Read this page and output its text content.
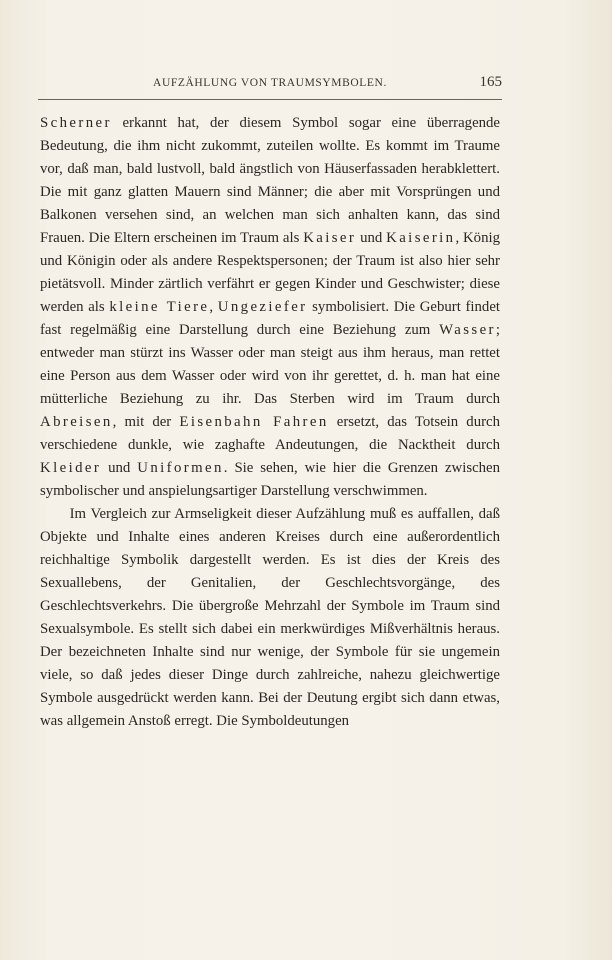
AUFZÄHLUNG VON TRAUMSYMBOLEN.	165

Scherner erkannt hat, der diesem Symbol sogar eine überragende Bedeutung, die ihm nicht zukommt, zuteilen wollte. Es kommt im Traume vor, daß man, bald lustvoll, bald ängstlich von Häuserfassaden herabklettert. Die mit ganz glatten Mauern sind Männer; die aber mit Vorsprüngen und Balkonen versehen sind, an welchen man sich anhalten kann, das sind Frauen. Die Eltern erscheinen im Traum als Kaiser und Kaiserin, König und Königin oder als andere Respektspersonen; der Traum ist also hier sehr pietätsvoll. Minder zärtlich verfährt er gegen Kinder und Geschwister; diese werden als kleine Tiere, Ungeziefer symbolisiert. Die Geburt findet fast regelmäßig eine Darstellung durch eine Beziehung zum Wasser; entweder man stürzt ins Wasser oder man steigt aus ihm heraus, man rettet eine Person aus dem Wasser oder wird von ihr gerettet, d. h. man hat eine mütterliche Beziehung zu ihr. Das Sterben wird im Traum durch Abreisen, mit der Eisenbahn Fahren ersetzt, das Totsein durch verschiedene dunkle, wie zaghafte Andeutungen, die Nacktheit durch Kleider und Uniformen. Sie sehen, wie hier die Grenzen zwischen symbolischer und anspielungsartiger Darstellung verschwimmen.

Im Vergleich zur Armseligkeit dieser Aufzählung muß es auffallen, daß Objekte und Inhalte eines anderen Kreises durch eine außerordentlich reichhaltige Symbolik dargestellt werden. Es ist dies der Kreis des Sexuallebens, der Genitalien, der Geschlechtsvorgänge, des Geschlechtsverkehrs. Die übergroße Mehrzahl der Symbole im Traum sind Sexualsymbole. Es stellt sich dabei ein merkwürdiges Mißverhältnis heraus. Der bezeichneten Inhalte sind nur wenige, der Symbole für sie ungemein viele, so daß jedes dieser Dinge durch zahlreiche, nahezu gleichwertige Symbole ausgedrückt werden kann. Bei der Deutung ergibt sich dann etwas, was allgemein Anstoß erregt. Die Symboldeutungen
